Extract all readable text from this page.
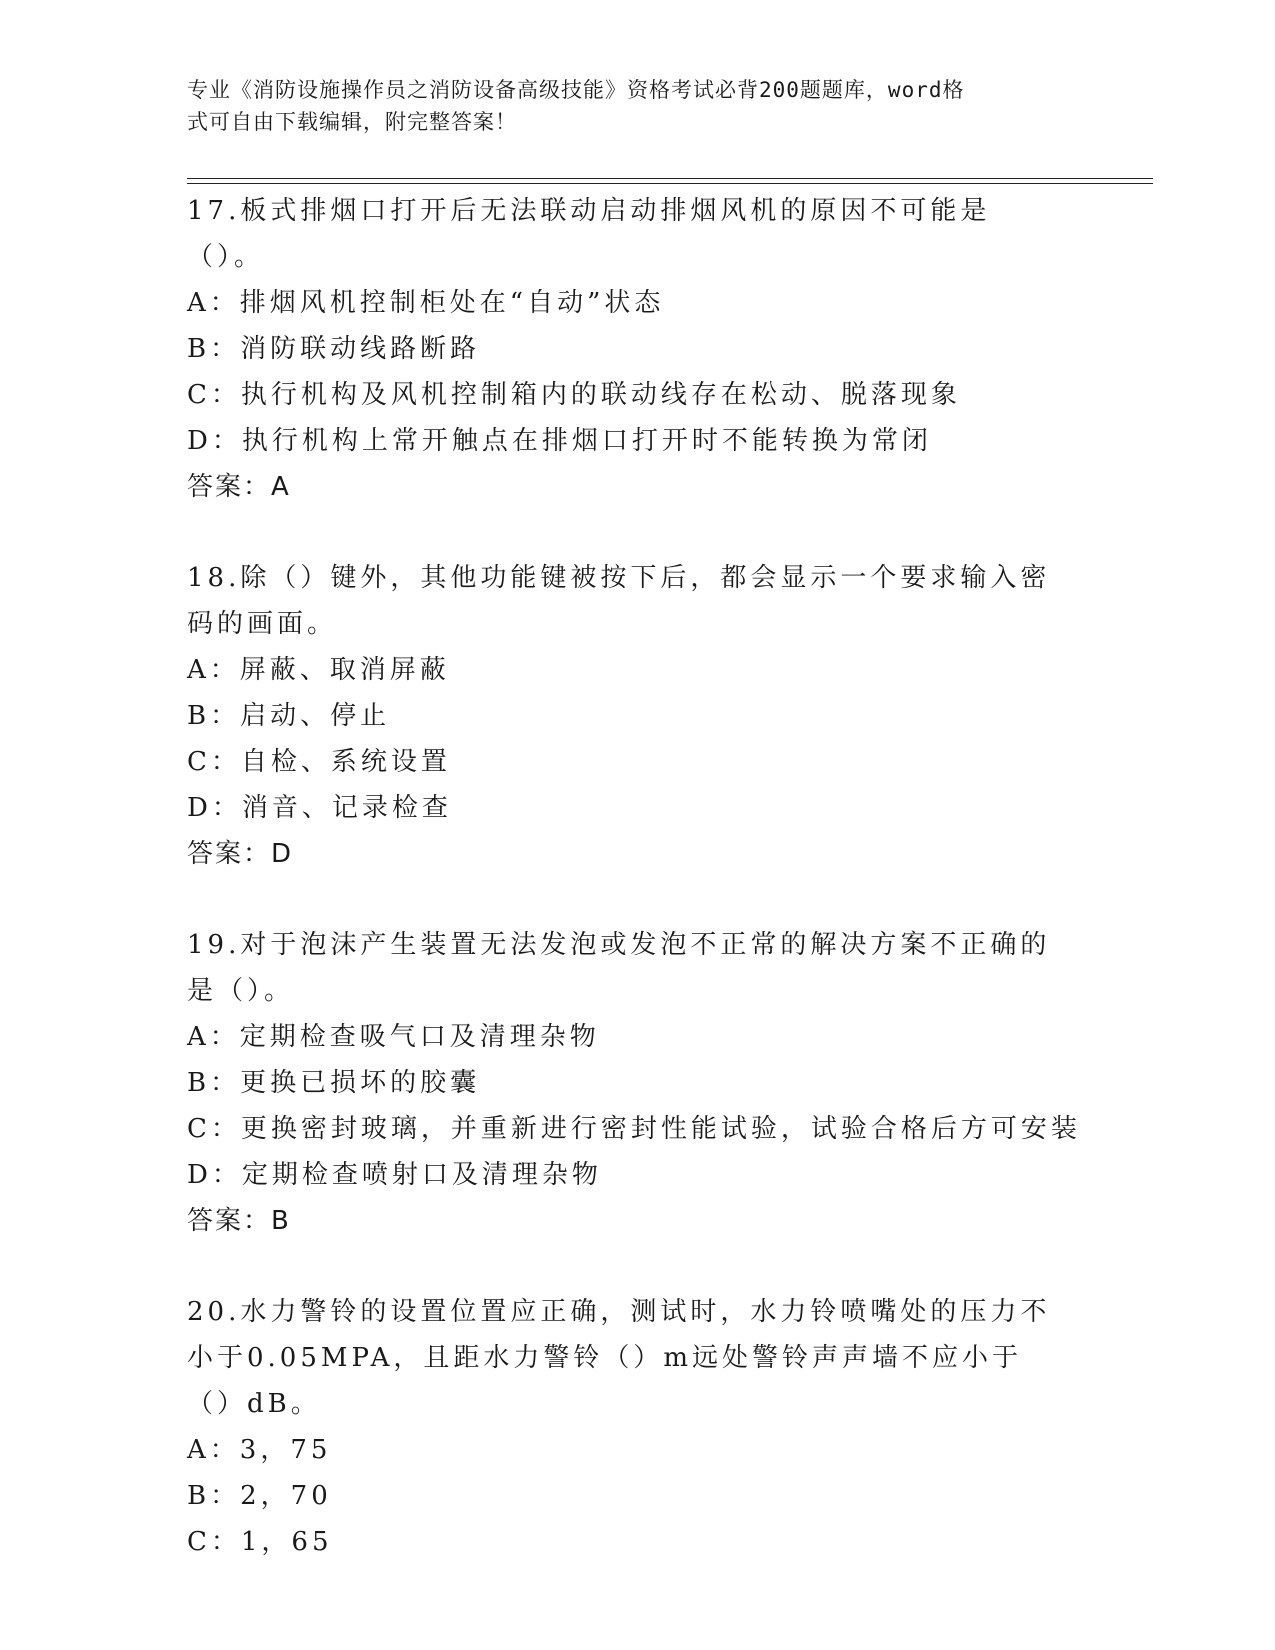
专业《消防设施操作员之消防设备高级技能》资格考试必背200题题库，word格
式可自由下载编辑，附完整答案！
17.板式排烟口打开后无法联动启动排烟风机的原因不可能是（）。
A：排烟风机控制柜处在“自动”状态
B：消防联动线路断路
C：执行机构及风机控制箱内的联动线存在松动、脱落现象
D：执行机构上常开触点在排烟口打开时不能转换为常闭
答案：A
18.除（）键外，其他功能键被按下后，都会显示一个要求输入密码的画面。
A：屏蔽、取消屏蔽
B：启动、停止
C：自检、系统设置
D：消音、记录检查
答案：D
19.对于泡沫产生装置无法发泡或发泡不正常的解决方案不正确的是（）。
A：定期检查吸气口及清理杂物
B：更换已损坏的胶囊
C：更换密封玻璃，并重新进行密封性能试验，试验合格后方可安装
D：定期检查喷射口及清理杂物
答案：B
20.水力警铃的设置位置应正确，测试时，水力铃喷嘴处的压力不小于0.05MPA，且距水力警铃（）m远处警铃声声墙不应小于（）dB。
A：3，75
B：2，70
C：1，65
